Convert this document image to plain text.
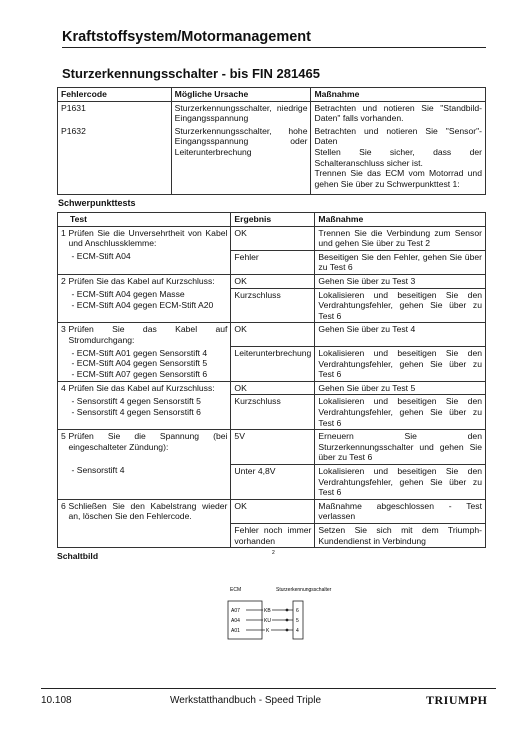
Kraftstoffsystem/Motormanagement
Sturzerkennungsschalter - bis FIN 281465
Fehlercode	Mögliche Ursache	Maßnahme
P1631	Sturzerkennungsschalter, niedrige Eingangsspannung	Betrachten und notieren Sie "Standbild-Daten" falls vorhanden.
P1632	Sturzerkennungsschalter, hohe Eingangsspannung oder Leiterunterbrechung	Betrachten und notieren Sie "Sensor"-Daten
Stellen Sie sicher, dass der Schalteranschluss sicher ist.
Trennen Sie das ECM vom Motorrad und gehen Sie über zu Schwerpunkttest 1:
Schwerpunkttests
Test		Ergebnis	Maßnahme
1	Prüfen Sie die Unversehrtheit von Kabel und Anschlussklemme:	OK	Trennen Sie die Verbindung zum Sensor und gehen Sie über zu Test 2
	- ECM-Stift A04	Fehler	Beseitigen Sie den Fehler, gehen Sie über zu Test 6
2	Prüfen Sie das Kabel auf Kurzschluss:	OK	Gehen Sie über zu Test 3

	- ECM-Stift A04 gegen Masse
- ECM-Stift A04 gegen ECM-Stift A20	Kurzschluss	Lokalisieren und beseitigen Sie den Verdrahtungsfehler, gehen Sie über zu Test 6
3	Prüfen Sie das Kabel auf Stromdurchgang:	OK	Gehen Sie über zu Test 4

	- ECM-Stift A01 gegen Sensorstift 4
- ECM-Stift A04 gegen Sensorstift 5
- ECM-Stift A07 gegen Sensorstift 6	Leiterunterbrechung	Lokalisieren und beseitigen Sie den Verdrahtungsfehler, gehen Sie über zu Test 6
4	Prüfen Sie das Kabel auf Kurzschluss:	OK	Gehen Sie über zu Test 5

	- Sensorstift 4 gegen Sensorstift 5
- Sensorstift 4 gegen Sensorstift 6	Kurzschluss	Lokalisieren und beseitigen Sie den Verdrahtungsfehler, gehen Sie über zu Test 6
5	Prüfen Sie die Spannung (bei eingeschalteter Zündung):	5V	Erneuern Sie den Sturzerkennungsschalter und gehen Sie über zu Test 6
	- Sensorstift 4	Unter 4,8V	Lokalisieren und beseitigen Sie den Verdrahtungsfehler, gehen Sie über zu Test 6
6	Schließen Sie den Kabelstrang wieder an, löschen Sie den Fehlercode.	OK	Maßnahme abgeschlossen - Test verlassen
		Fehler noch immer vorhanden	Setzen Sie sich mit dem Triumph-Kundendienst in Verbindung
Schaltbild	2
ECM	Sturzerkennungsschalter
A07	KB	6
A04	KU	5
A01	K	4
10.108	Werkstatthandbuch - Speed Triple	TRIUMPH
